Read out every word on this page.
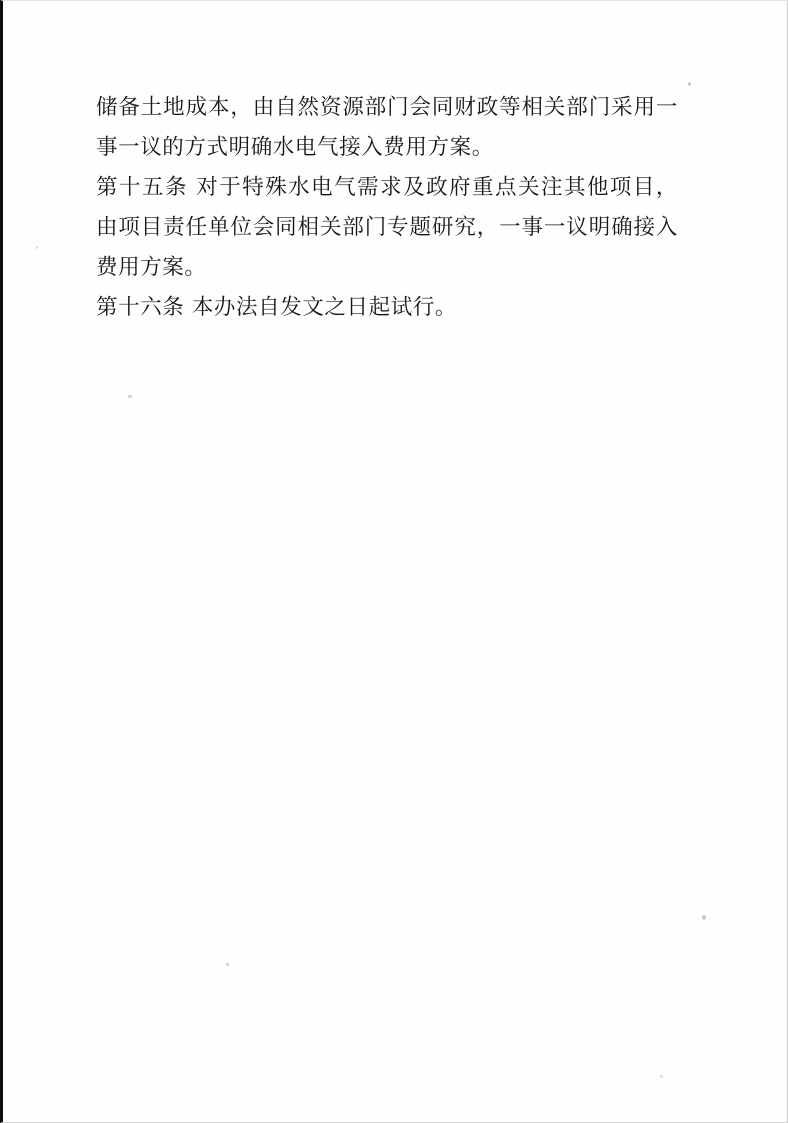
储备土地成本，由自然资源部门会同财政等相关部门采用一事一议的方式明确水电气接入费用方案。

第十五条 对于特殊水电气需求及政府重点关注其他项目，由项目责任单位会同相关部门专题研究，一事一议明确接入费用方案。

第十六条 本办法自发文之日起试行。
